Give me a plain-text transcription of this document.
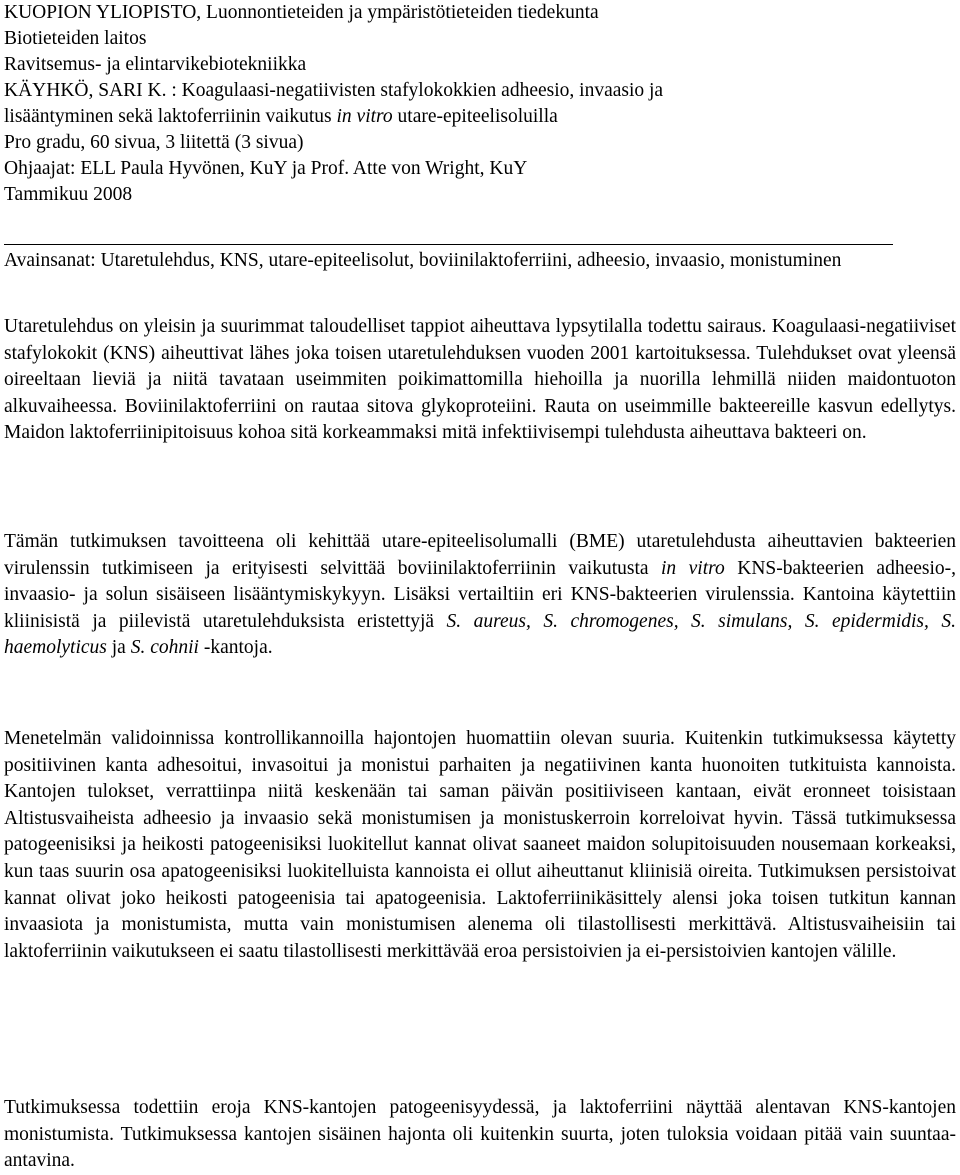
KUOPION YLIOPISTO, Luonnontieteiden ja ympäristötieteiden tiedekunta
Biotieteiden laitos
Ravitsemus- ja elintarvikebiotekniikka
KÄYHKÖ, SARI K. : Koagulaasi-negatiivisten stafylokokkien adheesio, invaasio ja
lisääntyminen sekä laktoferriinin vaikutus in vitro utare-epiteelisoluilla
Pro gradu, 60 sivua, 3 liitettä (3 sivua)
Ohjaajat: ELL Paula Hyvönen, KuY ja Prof. Atte von Wright, KuY
Tammikuu 2008
Avainsanat: Utaretulehdus, KNS, utare-epiteelisolut, boviinilaktoferriini, adheesio, invaasio, monistuminen
Utaretulehdus on yleisin ja suurimmat taloudelliset tappiot aiheuttava lypsytilalla todettu sairaus. Koagulaasi-negatiiviset stafylokokit (KNS) aiheuttivat lähes joka toisen utaretulehduksen vuoden 2001 kartoituksessa. Tulehdukset ovat yleensä oireeltaan lieviä ja niitä tavataan useimmiten poikimattomilla hiehoilla ja nuorilla lehmillä niiden maidontuoton alkuvaiheessa. Boviinilaktoferriini on rautaa sitova glykoproteiini. Rauta on useimmille bakteereille kasvun edellytys. Maidon laktoferriinipitoisuus kohoa sitä korkeammaksi mitä infektiivisempi tulehdusta aiheuttava bakteeri on.
Tämän tutkimuksen tavoitteena oli kehittää utare-epiteelisolumalli (BME) utaretulehdusta aiheuttavien bakteerien virulenssin tutkimiseen ja erityisesti selvittää boviinilaktoferriinin vaikutusta in vitro KNS-bakteerien adheesio-, invaasio- ja solun sisäiseen lisääntymiskykyyn. Lisäksi vertailtiin eri KNS-bakteerien virulenssia. Kantoina käytettiin kliinisistä ja piilevistä utaretulehduksista eristettyjä S. aureus, S. chromogenes, S. simulans, S. epidermidis, S. haemolyticus ja S. cohnii -kantoja.
Menetelmän validoinnissa kontrollikannoilla hajontojen huomattiin olevan suuria. Kuitenkin tutkimuksessa käytetty positiivinen kanta adhesoitui, invasoitui ja monistui parhaiten ja negatiivinen kanta huonoiten tutkituista kannoista. Kantojen tulokset, verrattiinpa niitä keskenään tai saman päivän positiiviseen kantaan, eivät eronneet toisistaan Altistusvaiheista adheesio ja invaasio sekä monistumisen ja monistuskerroin korreloivat hyvin. Tässä tutkimuksessa patogeenisiksi ja heikosti patogeenisiksi luokitellut kannat olivat saaneet maidon solupitoisuuden nousemaan korkeaksi, kun taas suurin osa apatogeenisiksi luokitelluista kannoista ei ollut aiheuttanut kliinisiä oireita. Tutkimuksen persistoivat kannat olivat joko heikosti patogeenisia tai apatogeenisia. Laktoferriinikäsittely alensi joka toisen tutkitun kannan invaasiota ja monistumista, mutta vain monistumisen alenema oli tilastollisesti merkittävä. Altistusvaiheisiin tai laktoferriinin vaikutukseen ei saatu tilastollisesti merkittävää eroa persistoivien ja ei-persistoivien kantojen välille.
Tutkimuksessa todettiin eroja KNS-kantojen patogeenisyydessä, ja laktoferriini näyttää alentavan KNS-kantojen monistumista. Tutkimuksessa kantojen sisäinen hajonta oli kuitenkin suurta, joten tuloksia voidaan pitää vain suuntaa-antavina.
